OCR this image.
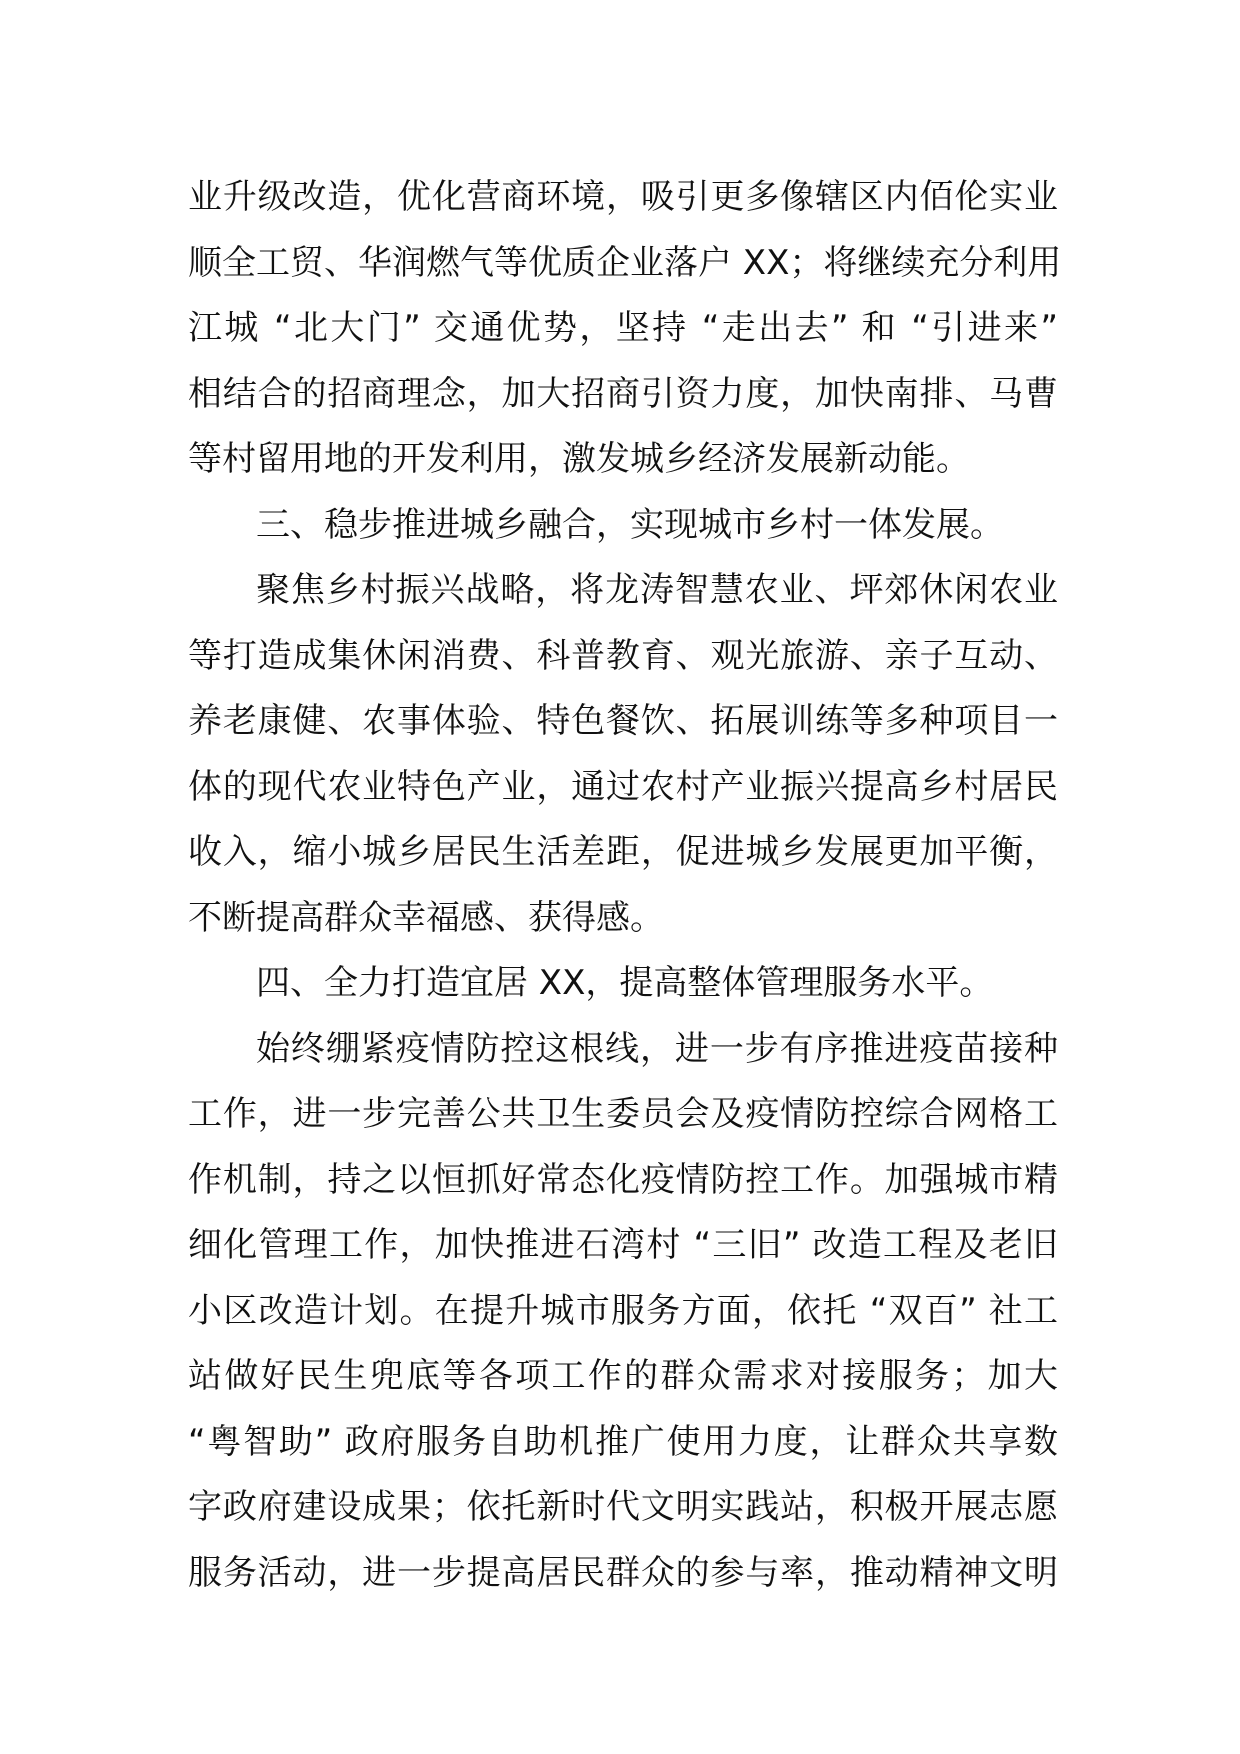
业升级改造，优化营商环境，吸引更多像辖区内佰伦实业
顺全工贸、华润燃气等优质企业落户 XX；将继续充分利用
江城 “北大门” 交通优势，坚持 “走出去” 和 “引进来”
相结合的招商理念，加大招商引资力度，加快南排、马曹
等村留用地的开发利用，激发城乡经济发展新动能。
三、稳步推进城乡融合，实现城市乡村一体发展。
聚焦乡村振兴战略，将龙涛智慧农业、坪郊休闲农业
等打造成集休闲消费、科普教育、观光旅游、亲子互动、
养老康健、农事体验、特色餐饮、拓展训练等多种项目一
体的现代农业特色产业，通过农村产业振兴提高乡村居民
收入，缩小城乡居民生活差距，促进城乡发展更加平衡，
不断提高群众幸福感、获得感。
四、全力打造宜居 XX，提高整体管理服务水平。
始终绷紧疫情防控这根线，进一步有序推进疫苗接种
工作，进一步完善公共卫生委员会及疫情防控综合网格工
作机制，持之以恒抓好常态化疫情防控工作。加强城市精
细化管理工作，加快推进石湾村 “三旧” 改造工程及老旧
小区改造计划。在提升城市服务方面，依托 “双百” 社工
站做好民生兜底等各项工作的群众需求对接服务；加大
“粤智助” 政府服务自助机推广使用力度，让群众共享数
字政府建设成果；依托新时代文明实践站，积极开展志愿
服务活动，进一步提高居民群众的参与率，推动精神文明
